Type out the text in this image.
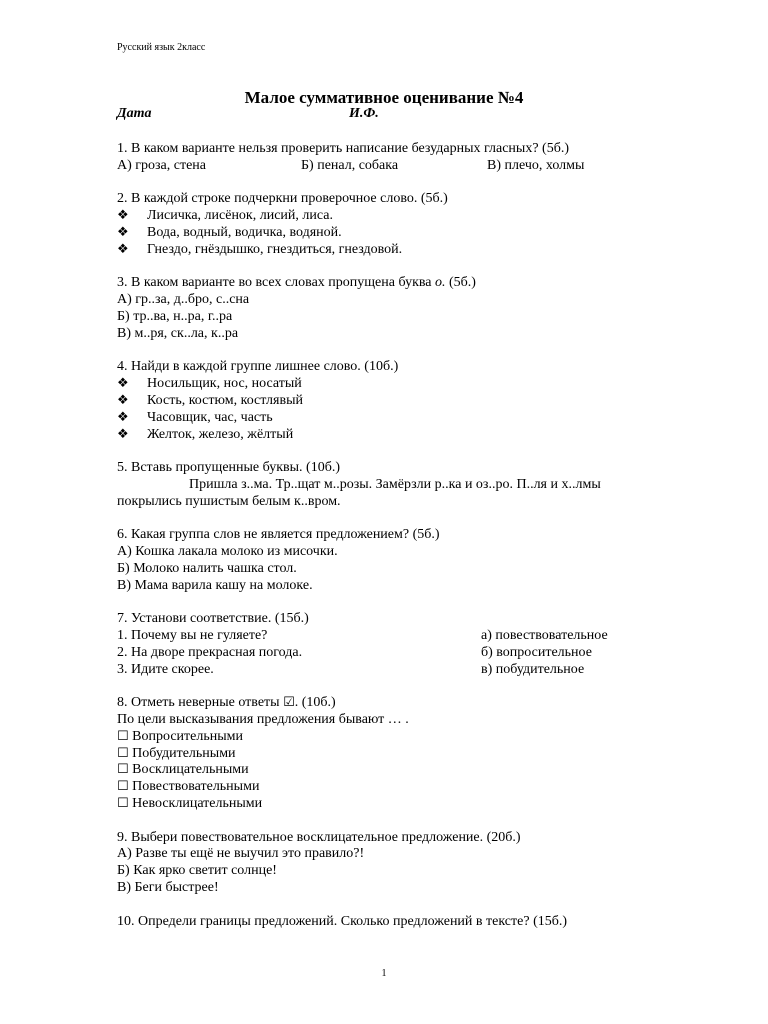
Русский язык 2класс
Малое суммативное оценивание №4
Дата	И.Ф.
1. В каком варианте нельзя проверить написание безударных гласных? (5б.)
А) гроза, стена	Б) пенал, собака	В) плечо, холмы
2. В каждой строке подчеркни проверочное слово. (5б.)
❖ Лисичка, лисёнок, лисий, лиса.
❖ Вода, водный, водичка, водяной.
❖ Гнездо, гнёздышко, гнездиться, гнездовой.
3. В каком варианте во всех словах пропущена буква о. (5б.)
А) гр..за, д..бро, с..сна
Б) тр..ва, н..ра, г..ра
В) м..ря, ск..ла, к..ра
4. Найди в каждой группе лишнее слово. (10б.)
❖ Носильщик, нос, носатый
❖ Кость, костюм, костлявый
❖ Часовщик, час, часть
❖ Желток, железо, жёлтый
5. Вставь пропущенные буквы. (10б.)
Пришла з..ма. Тр..щат м..розы. Замёрзли р..ка и оз..ро. П..ля и х..лмы
покрылись пушистым белым к..вром.
6. Какая группа слов не является предложением? (5б.)
А) Кошка лакала молоко из мисочки.
Б) Молоко налить чашка стол.
В) Мама варила кашу на молоке.
7. Установи соответствие. (15б.)
1. Почему вы не гуляете?	а) повествовательное
2. На дворе прекрасная погода.	б) вопросительное
3. Идите скорее.	в) побудительное
8. Отметь неверные ответы ☑. (10б.)
По цели высказывания предложения бывают … .
☐ Вопросительными
☐ Побудительными
☐ Восклицательными
☐ Повествовательными
☐ Невосклицательными
9. Выбери повествовательное восклицательное предложение. (20б.)
А) Разве ты ещё не выучил это правило?!
Б) Как ярко светит солнце!
В) Беги быстрее!
10. Определи границы предложений. Сколько предложений в тексте? (15б.)
1
